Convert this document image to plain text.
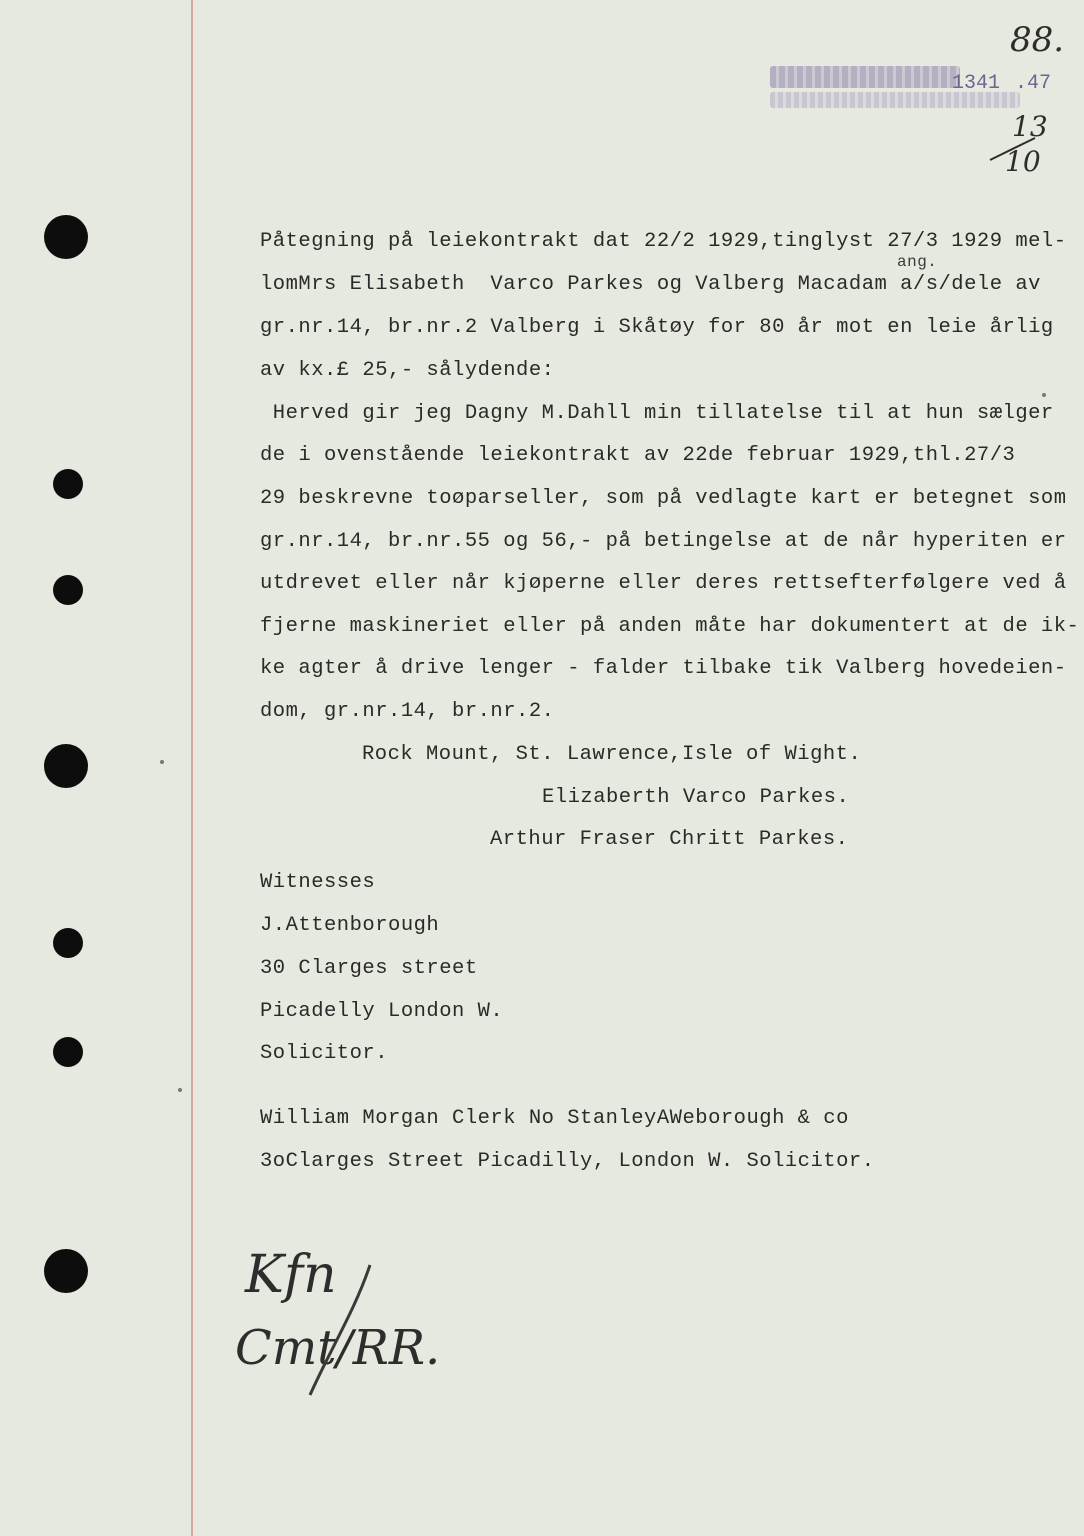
88.
1341 .47
13
10
ang.
Påtegning på leiekontrakt dat 22/2 1929,tinglyst 27/3 1929 mel-
lomMrs Elisabeth  Varco Parkes og Valberg Macadam a/s/dele av
gr.nr.14, br.nr.2 Valberg i Skåtøy for 80 år mot en leie årlig
av kx.£ 25,- sålydende:
Herved gir jeg Dagny M.Dahll min tillatelse til at hun sælger
de i ovenstående leiekontrakt av 22de februar 1929,thl.27/3
29 beskrevne toøparseller, som på vedlagte kart er betegnet som
gr.nr.14, br.nr.55 og 56,- på betingelse at de når hyperiten er
utdrevet eller når kjøperne eller deres rettsefterfølgere ved å
fjerne maskineriet eller på anden måte har dokumentert at de ik-
ke agter å drive lenger - falder tilbake tik Valberg hovedeien-
dom, gr.nr.14, br.nr.2.
Rock Mount, St. Lawrence,Isle of Wight.
Elizaberth Varco Parkes.
Arthur Fraser Chritt Parkes.
Witnesses
J.Attenborough
30 Clarges street
Picadelly London W.
Solicitor.
William Morgan Clerk No StanleyAWeborough & co
3oClarges Street Picadilly, London W. Solicitor.
Kfn
Cmt/RR.
